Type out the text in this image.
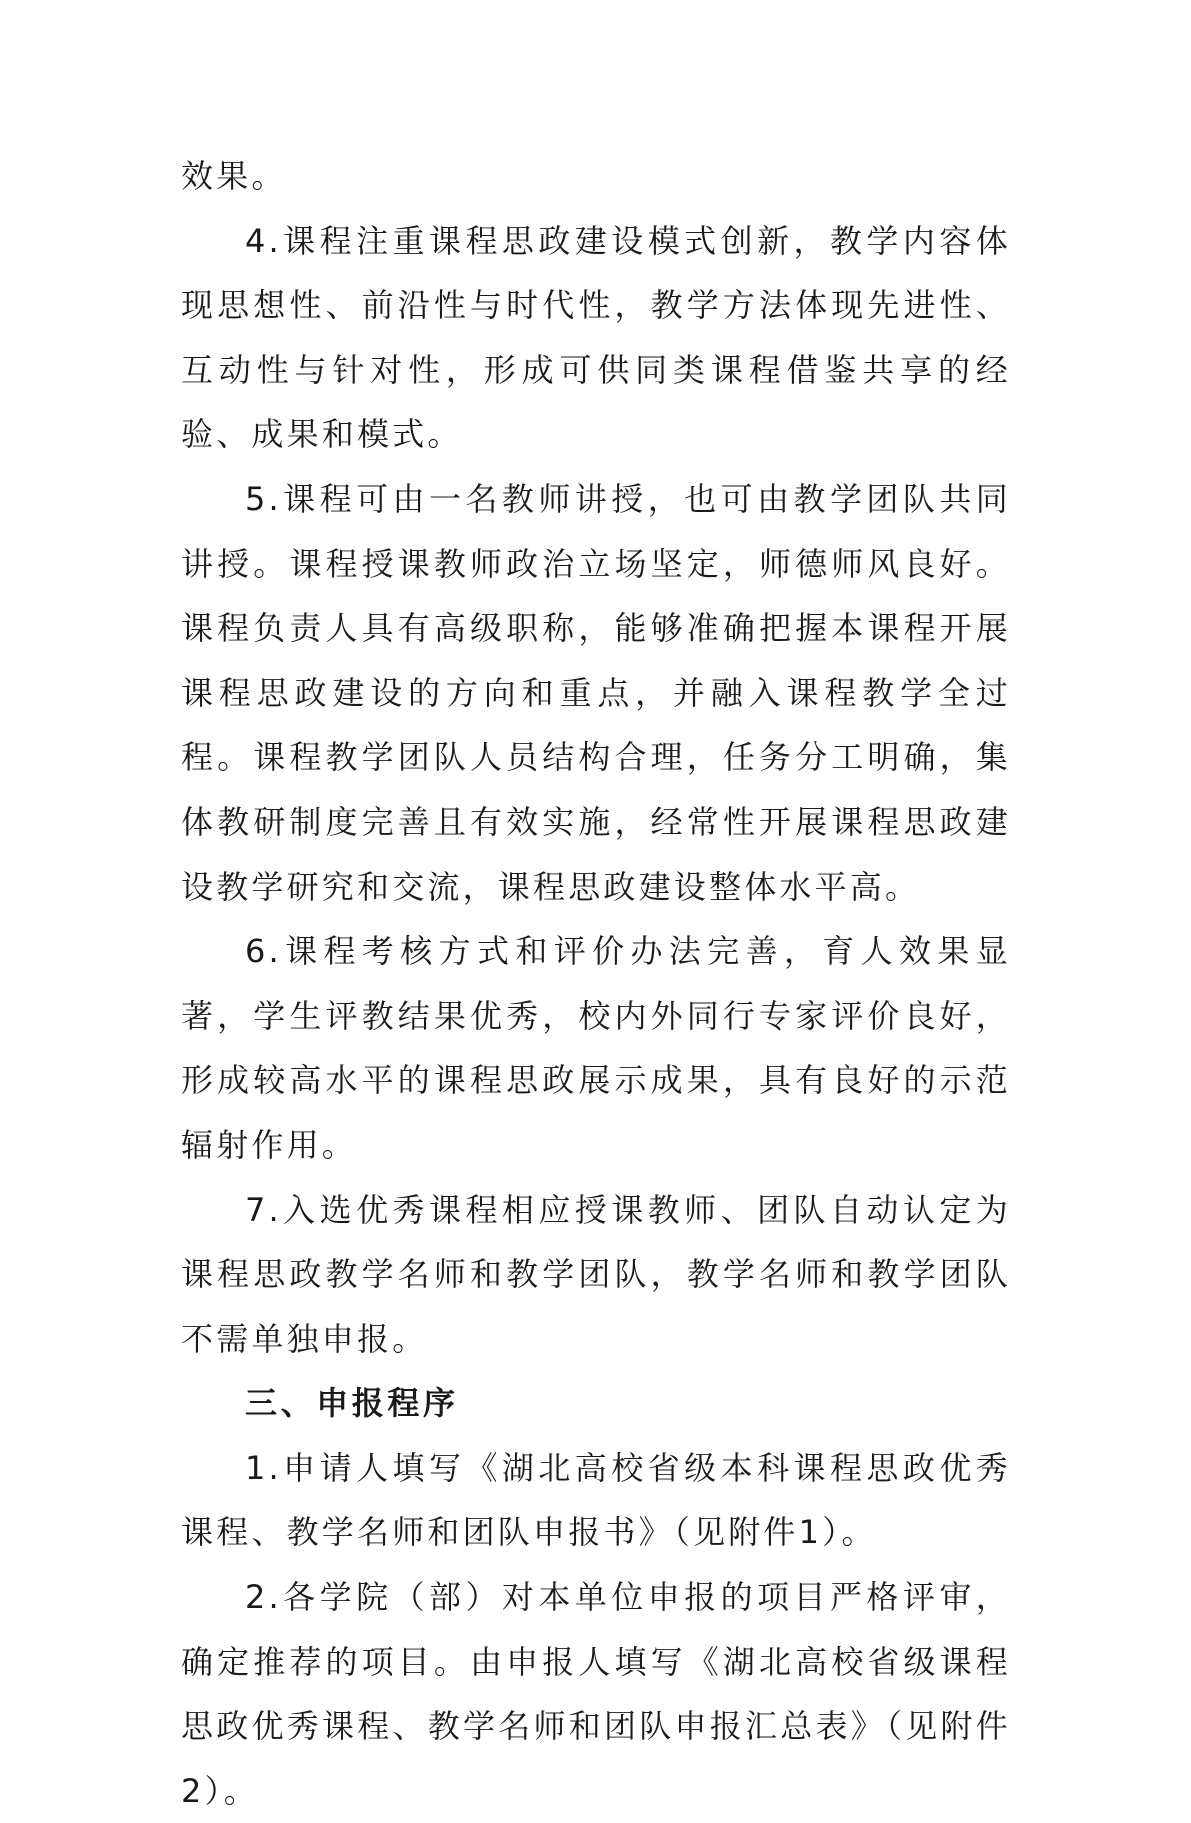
效果。

4.课程注重课程思政建设模式创新，教学内容体现思想性、前沿性与时代性，教学方法体现先进性、互动性与针对性，形成可供同类课程借鉴共享的经验、成果和模式。

5.课程可由一名教师讲授，也可由教学团队共同讲授。课程授课教师政治立场坚定，师德师风良好。课程负责人具有高级职称，能够准确把握本课程开展课程思政建设的方向和重点，并融入课程教学全过程。课程教学团队人员结构合理，任务分工明确，集体教研制度完善且有效实施，经常性开展课程思政建设教学研究和交流，课程思政建设整体水平高。

6.课程考核方式和评价办法完善，育人效果显著，学生评教结果优秀，校内外同行专家评价良好，形成较高水平的课程思政展示成果，具有良好的示范辐射作用。

7.入选优秀课程相应授课教师、团队自动认定为课程思政教学名师和教学团队，教学名师和教学团队不需单独申报。

三、申报程序

1.申请人填写《湖北高校省级本科课程思政优秀课程、教学名师和团队申报书》（见附件1）。

2.各学院（部）对本单位申报的项目严格评审，确定推荐的项目。由申报人填写《湖北高校省级课程思政优秀课程、教学名师和团队申报汇总表》（见附件2）。
